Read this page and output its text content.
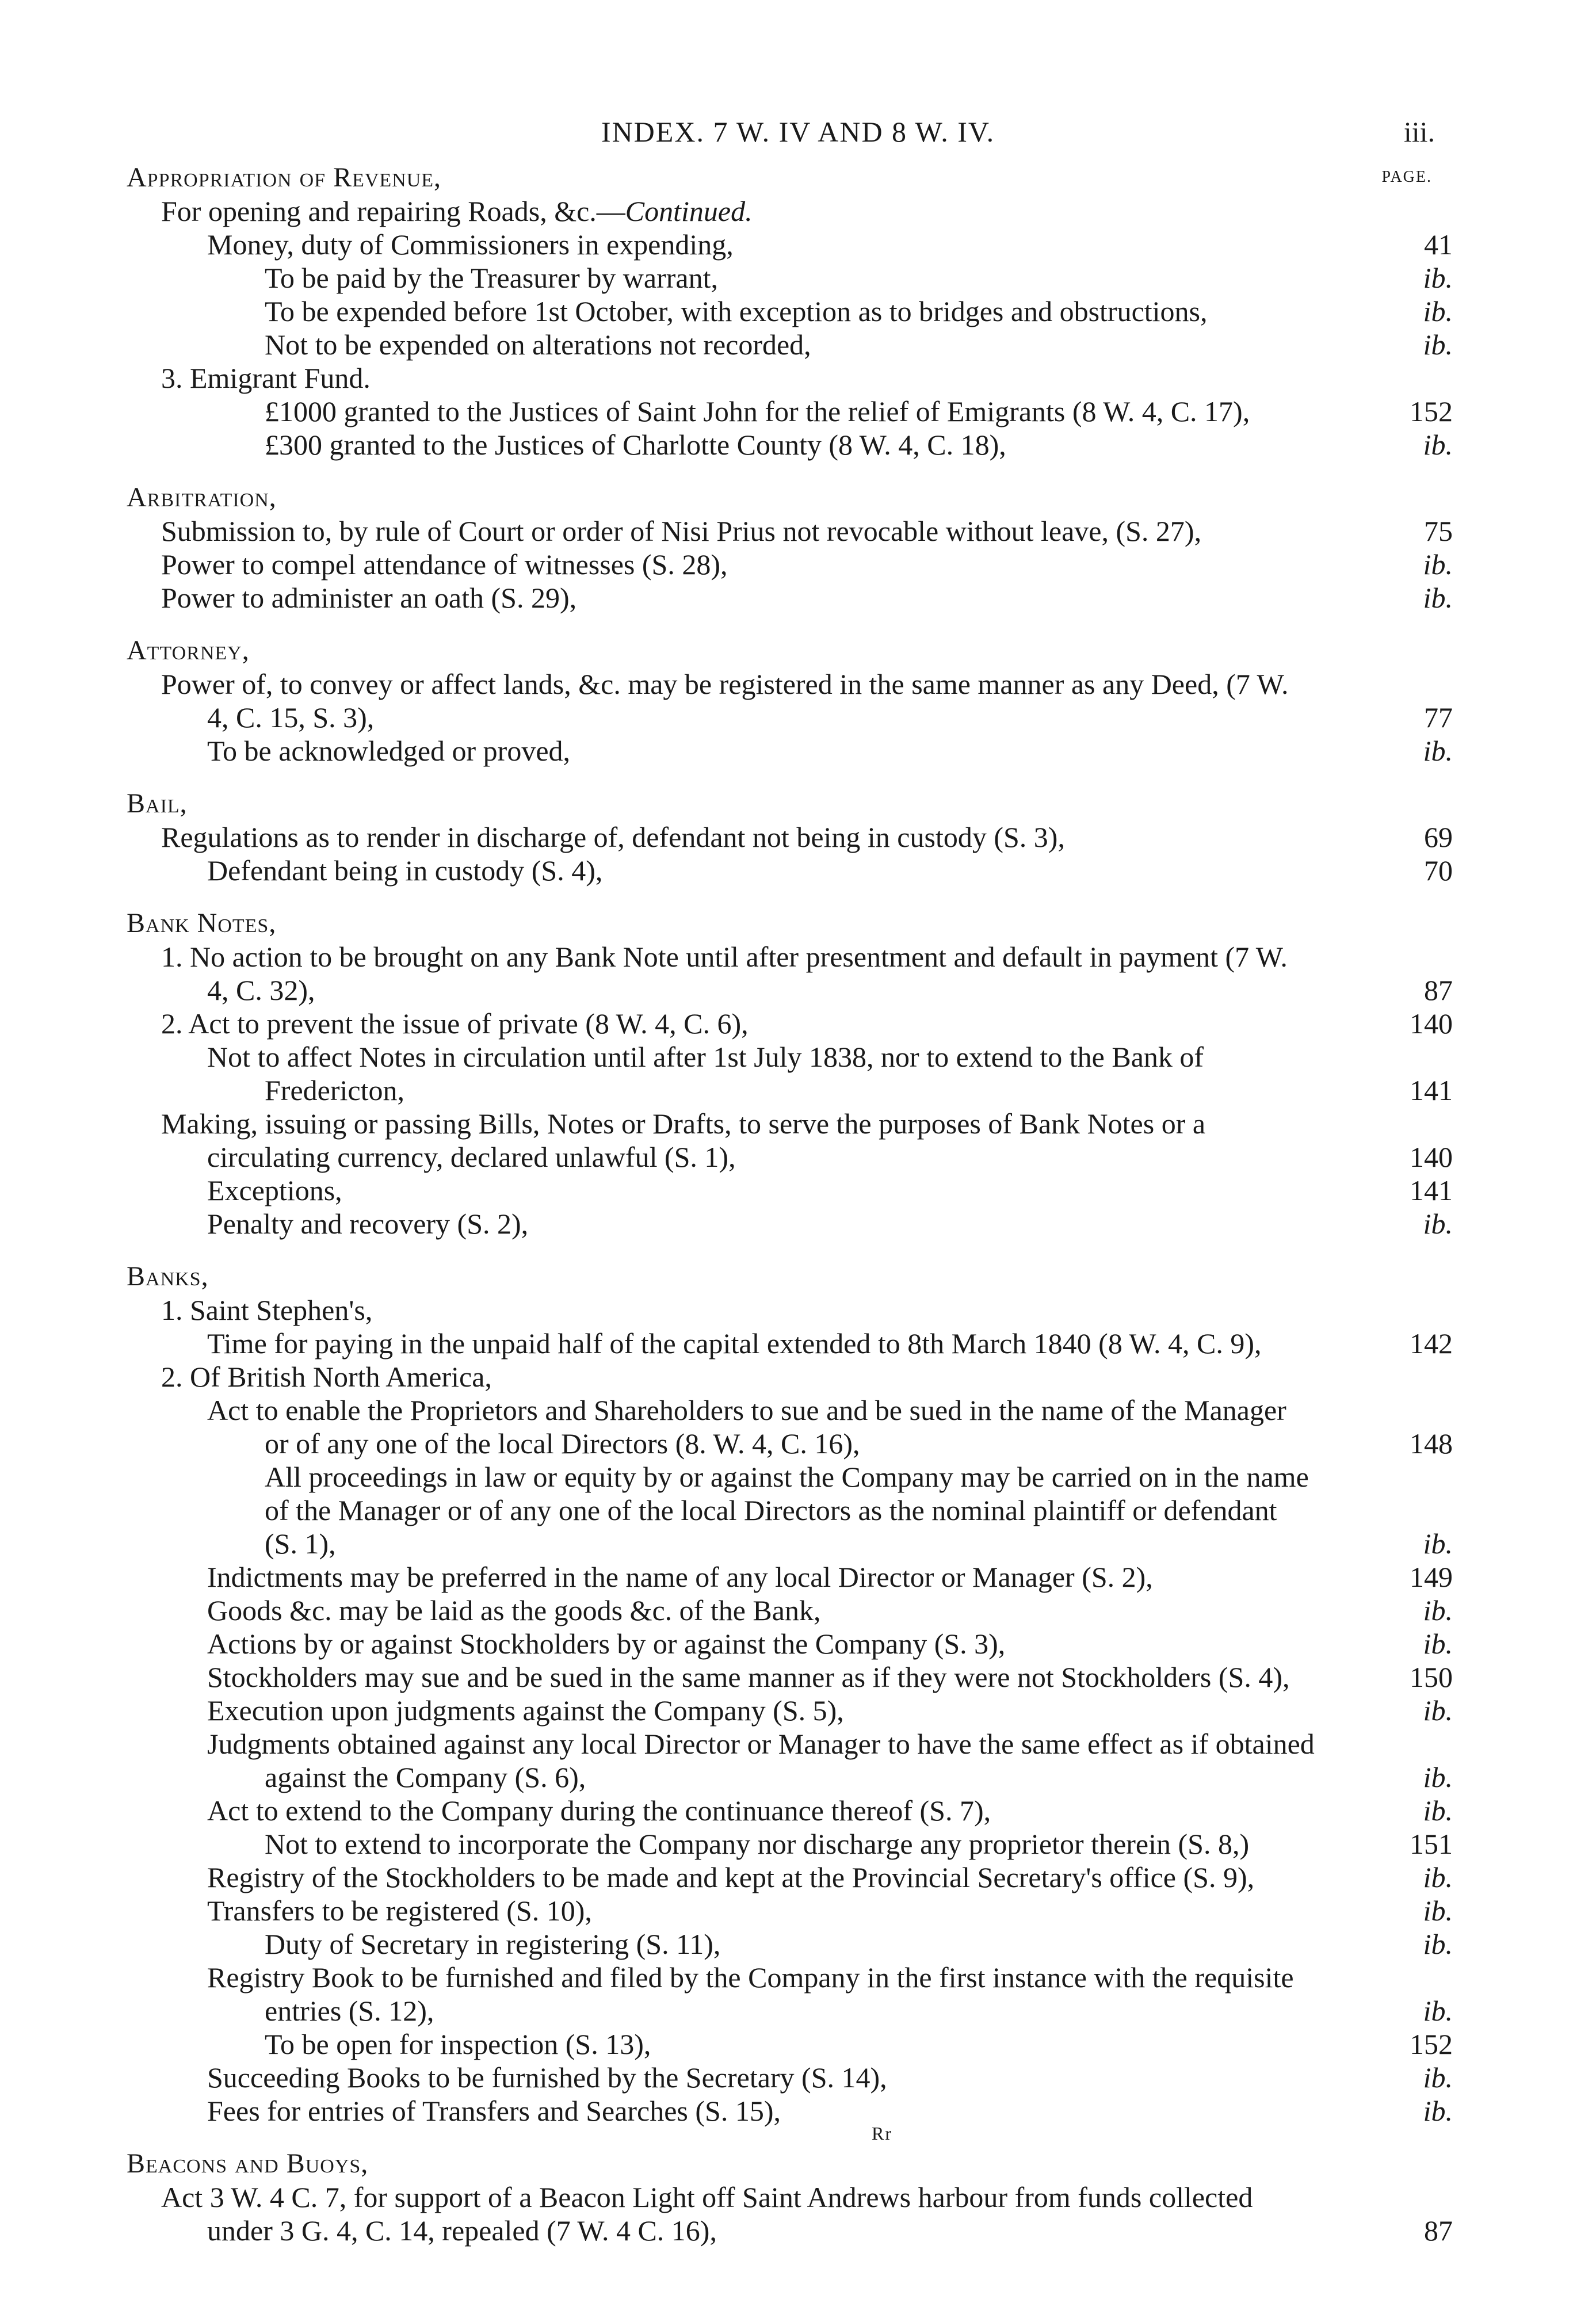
INDEX. 7 W. IV AND 8 W. IV.	iii.
PAGE.
Appropriation of Revenue,
For opening and repairing Roads, &c.—Continued.
Money, duty of Commissioners in expending,	41
To be paid by the Treasurer by warrant,	ib.
To be expended before 1st October, with exception as to bridges and obstructions,	ib.
Not to be expended on alterations not recorded,	ib.
3. Emigrant Fund.
£1000 granted to the Justices of Saint John for the relief of Emigrants (8 W. 4, C. 17),	152
£300 granted to the Justices of Charlotte County (8 W. 4, C. 18),	ib.
Arbitration,
Submission to, by rule of Court or order of Nisi Prius not revocable without leave, (S. 27),	75
Power to compel attendance of witnesses (S. 28),	ib.
Power to administer an oath (S. 29),	ib.
Attorney,
Power of, to convey or affect lands, &c. may be registered in the same manner as any Deed, (7 W.
4, C. 15, S. 3),	77
To be acknowledged or proved,	ib.
Bail,
Regulations as to render in discharge of, defendant not being in custody (S. 3),	69
Defendant being in custody (S. 4),	70
Bank Notes,
1. No action to be brought on any Bank Note until after presentment and default in payment (7 W.
4, C. 32),	87
2. Act to prevent the issue of private (8 W. 4, C. 6),	140
Not to affect Notes in circulation until after 1st July 1838, nor to extend to the Bank of
Fredericton,	141
Making, issuing or passing Bills, Notes or Drafts, to serve the purposes of Bank Notes or a
circulating currency, declared unlawful (S. 1),	140
Exceptions,	141
Penalty and recovery (S. 2),	ib.
Banks,
1. Saint Stephen's,
Time for paying in the unpaid half of the capital extended to 8th March 1840 (8 W. 4, C. 9),	142
2. Of British North America,
Act to enable the Proprietors and Shareholders to sue and be sued in the name of the Manager
or of any one of the local Directors (8. W. 4, C. 16),	148
All proceedings in law or equity by or against the Company may be carried on in the name
of the Manager or of any one of the local Directors as the nominal plaintiff or defendant
(S. 1),	ib.
Indictments may be preferred in the name of any local Director or Manager (S. 2),	149
Goods &c. may be laid as the goods &c. of the Bank,	ib.
Actions by or against Stockholders by or against the Company (S. 3),	ib.
Stockholders may sue and be sued in the same manner as if they were not Stockholders (S. 4),	150
Execution upon judgments against the Company (S. 5),	ib.
Judgments obtained against any local Director or Manager to have the same effect as if obtained
against the Company (S. 6),	ib.
Act to extend to the Company during the continuance thereof (S. 7),	ib.
Not to extend to incorporate the Company nor discharge any proprietor therein (S. 8,)	151
Registry of the Stockholders to be made and kept at the Provincial Secretary's office (S. 9),	ib.
Transfers to be registered (S. 10),	ib.
Duty of Secretary in registering (S. 11),	ib.
Registry Book to be furnished and filed by the Company in the first instance with the requisite
entries (S. 12),	ib.
To be open for inspection (S. 13),	152
Succeeding Books to be furnished by the Secretary (S. 14),	ib.
Fees for entries of Transfers and Searches (S. 15),	ib.
Beacons and Buoys,
Act 3 W. 4 C. 7, for support of a Beacon Light off Saint Andrews harbour from funds collected
under 3 G. 4, C. 14, repealed (7 W. 4 C. 16),	87
Rr
